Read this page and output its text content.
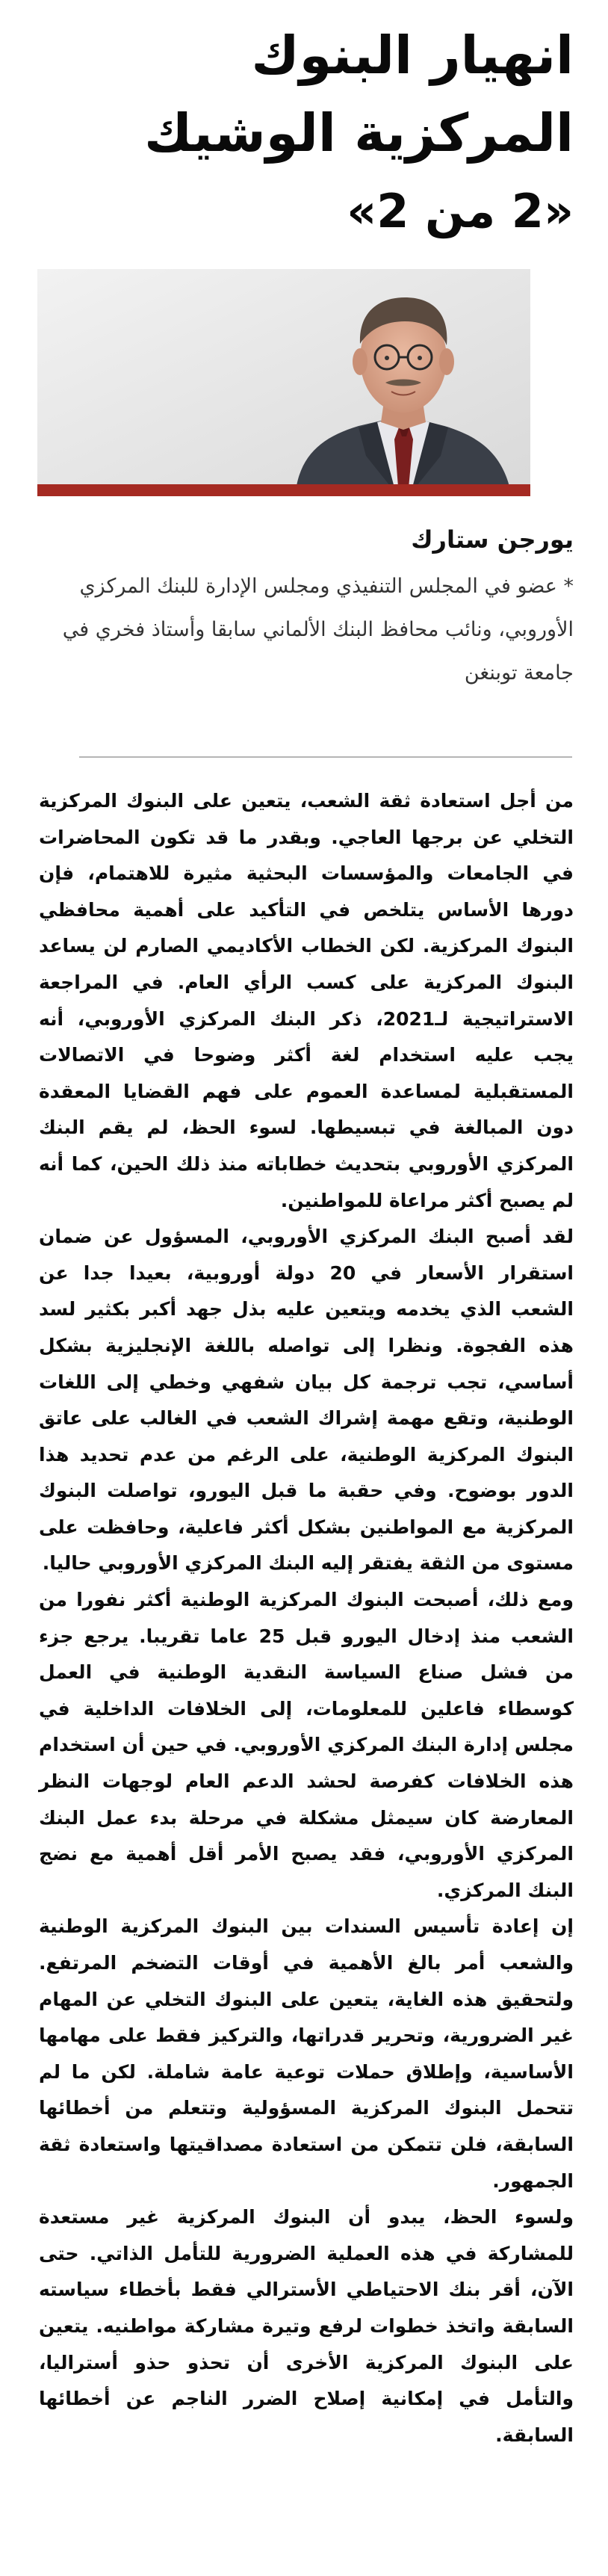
انهيار البنوك
المركزية الوشيك
«2 من 2»
يورجن ستارك

* عضو في المجلس التنفيذي ومجلس الإدارة للبنك المركزي الأوروبي، ونائب محافظ البنك الألماني سابقا وأستاذ فخري في جامعة توبنغن

من أجل استعادة ثقة الشعب، يتعين على البنوك المركزية التخلي عن برجها العاجي. وبقدر ما قد تكون المحاضرات في الجامعات والمؤسسات البحثية مثيرة للاهتمام، فإن دورها الأساس يتلخص في التأكيد على أهمية محافظي البنوك المركزية. لكن الخطاب الأكاديمي الصارم لن يساعد البنوك المركزية على كسب الرأي العام. في المراجعة الاستراتيجية لـ2021، ذكر البنك المركزي الأوروبي، أنه يجب عليه استخدام لغة أكثر وضوحا في الاتصالات المستقبلية لمساعدة العموم على فهم القضايا المعقدة دون المبالغة في تبسيطها. لسوء الحظ، لم يقم البنك المركزي الأوروبي بتحديث خطاباته منذ ذلك الحين، كما أنه لم يصبح أكثر مراعاة للمواطنين.

لقد أصبح البنك المركزي الأوروبي، المسؤول عن ضمان استقرار الأسعار في 20 دولة أوروبية، بعيدا جدا عن الشعب الذي يخدمه ويتعين عليه بذل جهد أكبر بكثير لسد هذه الفجوة. ونظرا إلى تواصله باللغة الإنجليزية بشكل أساسي، تجب ترجمة كل بيان شفهي وخطي إلى اللغات الوطنية، وتقع مهمة إشراك الشعب في الغالب على عاتق البنوك المركزية الوطنية، على الرغم من عدم تحديد هذا الدور بوضوح. وفي حقبة ما قبل اليورو، تواصلت البنوك المركزية مع المواطنين بشكل أكثر فاعلية، وحافظت على مستوى من الثقة يفتقر إليه البنك المركزي الأوروبي حاليا.

ومع ذلك، أصبحت البنوك المركزية الوطنية أكثر نفورا من الشعب منذ إدخال اليورو قبل 25 عاما تقريبا. يرجع جزء من فشل صناع السياسة النقدية الوطنية في العمل كوسطاء فاعلين للمعلومات، إلى الخلافات الداخلية في مجلس إدارة البنك المركزي الأوروبي. في حين أن استخدام هذه الخلافات كفرصة لحشد الدعم العام لوجهات النظر المعارضة كان سيمثل مشكلة في مرحلة بدء عمل البنك المركزي الأوروبي، فقد يصبح الأمر أقل أهمية مع نضج البنك المركزي.

إن إعادة تأسيس السندات بين البنوك المركزية الوطنية والشعب أمر بالغ الأهمية في أوقات التضخم المرتفع. ولتحقيق هذه الغاية، يتعين على البنوك التخلي عن المهام غير الضرورية، وتحرير قدراتها، والتركيز فقط على مهامها الأساسية، وإطلاق حملات توعية عامة شاملة. لكن ما لم تتحمل البنوك المركزية المسؤولية وتتعلم من أخطائها السابقة، فلن تتمكن من استعادة مصداقيتها واستعادة ثقة الجمهور.

ولسوء الحظ، يبدو أن البنوك المركزية غير مستعدة للمشاركة في هذه العملية الضرورية للتأمل الذاتي. حتى الآن، أقر بنك الاحتياطي الأسترالي فقط بأخطاء سياسته السابقة واتخذ خطوات لرفع وتيرة مشاركة مواطنيه. يتعين على البنوك المركزية الأخرى أن تحذو حذو أستراليا، والتأمل في إمكانية إصلاح الضرر الناجم عن أخطائها السابقة.
